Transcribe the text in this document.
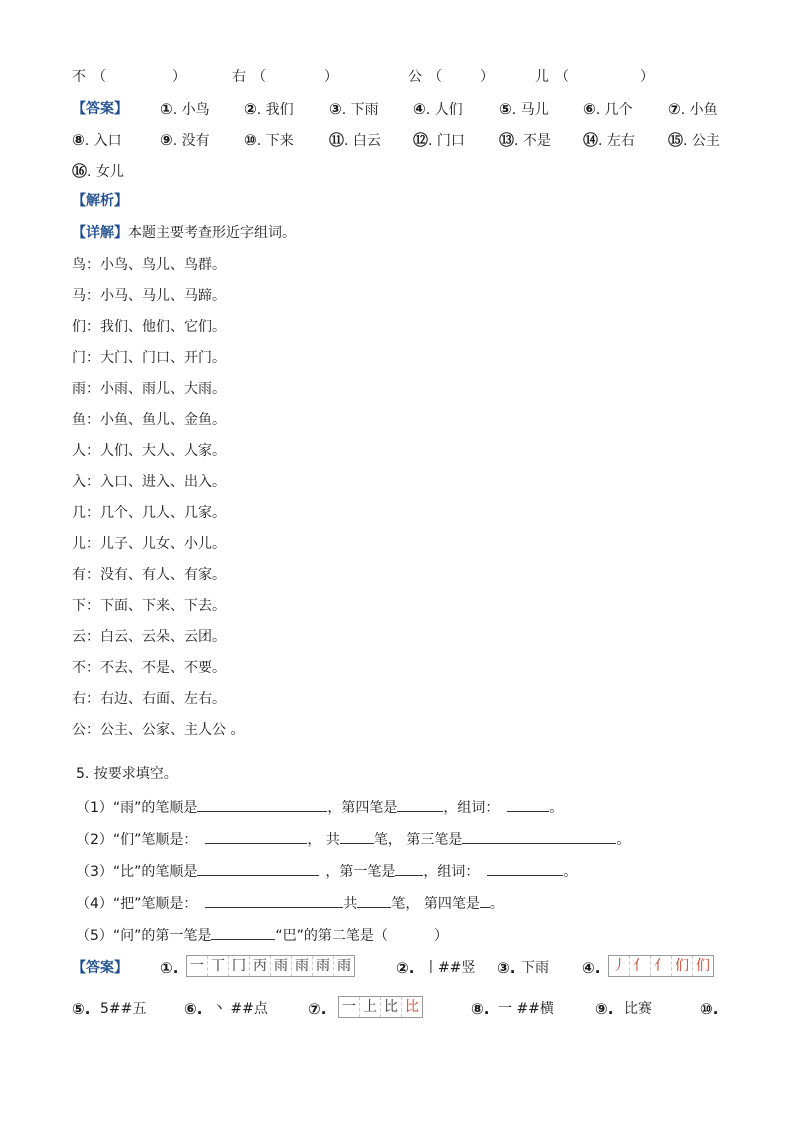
不 （	）	右 （	）	公 （	）	儿 （	）
【答案】 ①. 小鸟 ②. 我们 ③. 下雨 ④. 人们 ⑤. 马儿 ⑥. 几个 ⑦. 小鱼
⑧. 入口	⑨. 没有 ⑩. 下来 ⑪. 白云 ⑫. 门口 ⑬. 不是 ⑭. 左右 ⑮. 公主
⑯. 女儿
【解析】
【详解】本题主要考查形近字组词。
鸟：小鸟、鸟儿、鸟群。
马：小马、马儿、马蹄。
们：我们、他们、它们。
门：大门、门口、开门。
雨：小雨、雨儿、大雨。
鱼：小鱼、鱼儿、金鱼。
人：人们、大人、人家。
入：入口、进入、出入。
几：几个、几人、几家。
儿：儿子、儿女、小儿。
有：没有、有人、有家。
下：下面、下来、下去。
云：白云、云朵、云团。
不：不去、不是、不要。
右：右边、右面、左右。
公：公主、公家、主人公 。
5. 按要求填空。
（1）“雨”的笔顺是	，第四笔是	，组词：	。
（2）“们”笔顺是：	， 共 笔， 第三笔是	。
（3）“比”的笔顺是	，第一笔是 ，组词：	。
（4）“把”笔顺是：	共 笔， 第四笔是 。
（5）“问”的第一笔是	“巴”的第二笔是（	）
【答案】 ①. 一 丅 冂 丙 雨 雨 雨 雨	②. 丨##竖 ③. 下雨 ④. 丿 亻 亻 们 们
⑤. 5##五	⑥. 丶 ##点	⑦. 一 上 比 比	⑧. 一 ##横	⑨. 比赛	⑩.
